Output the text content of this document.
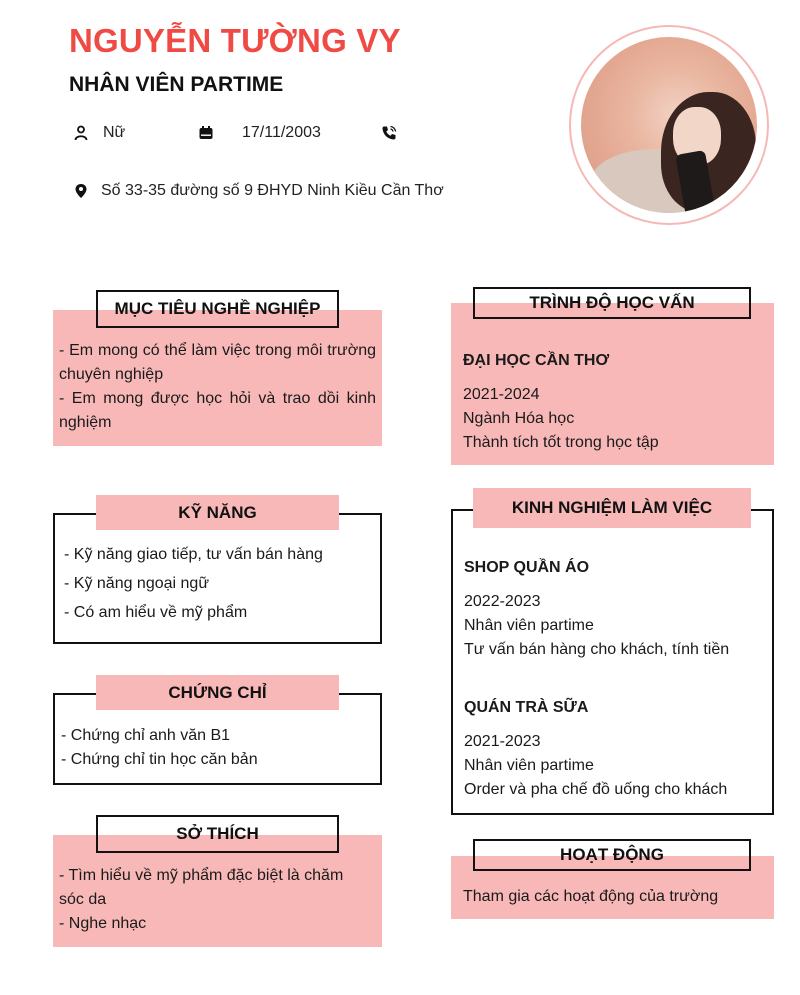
NGUYỄN TƯỜNG VY
NHÂN VIÊN PARTIME
Nữ	17/11/2003
Số 33-35 đường số 9 ĐHYD Ninh Kiều Cần Thơ
MỤC TIÊU NGHỀ NGHIỆP
- Em mong có thể làm việc trong môi trường chuyên nghiệp
- Em mong được học hỏi và trao dồi kinh nghiệm
TRÌNH ĐỘ HỌC VẤN
ĐẠI HỌC CẦN THƠ
2021-2024
Ngành Hóa học
Thành tích tốt trong học tập
KỸ NĂNG
- Kỹ năng giao tiếp, tư vấn bán hàng
- Kỹ năng ngoại ngữ
- Có am hiểu về mỹ phẩm
KINH NGHIỆM LÀM VIỆC
SHOP QUẦN ÁO
2022-2023
Nhân viên partime
Tư vấn bán hàng cho khách, tính tiền
QUÁN TRÀ SỮA
2021-2023
Nhân viên partime
Order và pha chế đồ uống cho khách
CHỨNG CHỈ
- Chứng chỉ anh văn B1
- Chứng chỉ tin học căn bản
SỞ THÍCH
- Tìm hiểu về mỹ phẩm đặc biệt là chăm sóc da
- Nghe nhạc
HOẠT ĐỘNG
Tham gia các hoạt động của trường
